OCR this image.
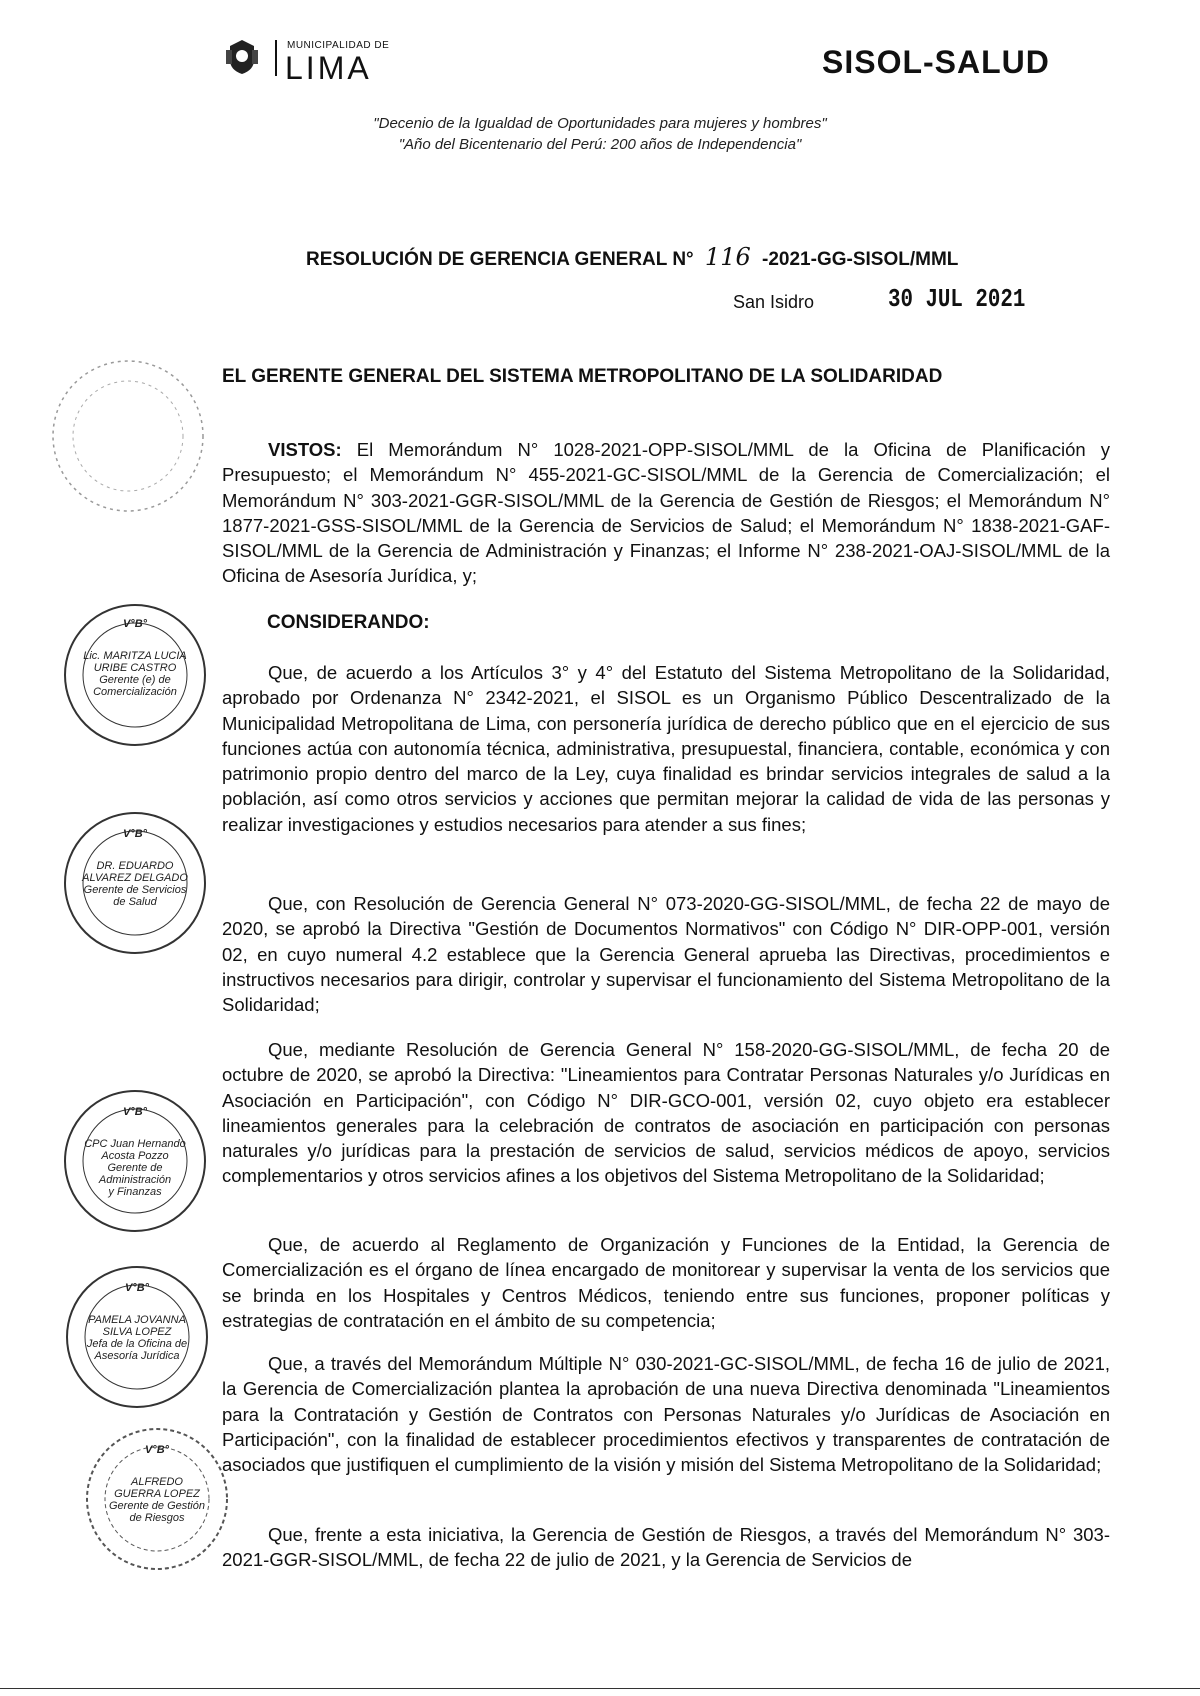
MUNICIPALIDAD DE
LIMA	SISOL-SALUD
"Decenio de la Igualdad de Oportunidades para mujeres y hombres"
"Año del Bicentenario del Perú: 200 años de Independencia"
RESOLUCIÓN DE GERENCIA GENERAL N° 116 -2021-GG-SISOL/MML
San Isidro	30 JUL 2021
EL GERENTE GENERAL DEL SISTEMA METROPOLITANO DE LA SOLIDARIDAD
VISTOS: El Memorándum N° 1028-2021-OPP-SISOL/MML de la Oficina de Planificación y Presupuesto; el Memorándum N° 455-2021-GC-SISOL/MML de la Gerencia de Comercialización; el Memorándum N° 303-2021-GGR-SISOL/MML de la Gerencia de Gestión de Riesgos; el Memorándum N° 1877-2021-GSS-SISOL/MML de la Gerencia de Servicios de Salud; el Memorándum N° 1838-2021-GAF-SISOL/MML de la Gerencia de Administración y Finanzas; el Informe N° 238-2021-OAJ-SISOL/MML de la Oficina de Asesoría Jurídica, y;
CONSIDERANDO:
Que, de acuerdo a los Artículos 3° y 4° del Estatuto del Sistema Metropolitano de la Solidaridad, aprobado por Ordenanza N° 2342-2021, el SISOL es un Organismo Público Descentralizado de la Municipalidad Metropolitana de Lima, con personería jurídica de derecho público que en el ejercicio de sus funciones actúa con autonomía técnica, administrativa, presupuestal, financiera, contable, económica y con patrimonio propio dentro del marco de la Ley, cuya finalidad es brindar servicios integrales de salud a la población, así como otros servicios y acciones que permitan mejorar la calidad de vida de las personas y realizar investigaciones y estudios necesarios para atender a sus fines;
Que, con Resolución de Gerencia General N° 073-2020-GG-SISOL/MML, de fecha 22 de mayo de 2020, se aprobó la Directiva "Gestión de Documentos Normativos" con Código N° DIR-OPP-001, versión 02, en cuyo numeral 4.2 establece que la Gerencia General aprueba las Directivas, procedimientos e instructivos necesarios para dirigir, controlar y supervisar el funcionamiento del Sistema Metropolitano de la Solidaridad;
Que, mediante Resolución de Gerencia General N° 158-2020-GG-SISOL/MML, de fecha 20 de octubre de 2020, se aprobó la Directiva: "Lineamientos para Contratar Personas Naturales y/o Jurídicas en Asociación en Participación", con Código N° DIR-GCO-001, versión 02, cuyo objeto era establecer lineamientos generales para la celebración de contratos de asociación en participación con personas naturales y/o jurídicas para la prestación de servicios de salud, servicios médicos de apoyo, servicios complementarios y otros servicios afines a los objetivos del Sistema Metropolitano de la Solidaridad;
Que, de acuerdo al Reglamento de Organización y Funciones de la Entidad, la Gerencia de Comercialización es el órgano de línea encargado de monitorear y supervisar la venta de los servicios que se brinda en los Hospitales y Centros Médicos, teniendo entre sus funciones, proponer políticas y estrategias de contratación en el ámbito de su competencia;
Que, a través del Memorándum Múltiple N° 030-2021-GC-SISOL/MML, de fecha 16 de julio de 2021, la Gerencia de Comercialización plantea la aprobación de una nueva Directiva denominada "Lineamientos para la Contratación y Gestión de Contratos con Personas Naturales y/o Jurídicas de Asociación en Participación", con la finalidad de establecer procedimientos efectivos y transparentes de contratación de asociados que justifiquen el cumplimiento de la visión y misión del Sistema Metropolitano de la Solidaridad;
Que, frente a esta iniciativa, la Gerencia de Gestión de Riesgos, a través del Memorándum N° 303-2021-GGR-SISOL/MML, de fecha 22 de julio de 2021, y la Gerencia de Servicios de
V°B°
Lic. MARITZA LUCIA
URIBE CASTRO
Gerente (e) de
Comercialización
V°B°
DR. EDUARDO
ALVAREZ DELGADO
Gerente de Servicios
de Salud
V°B°
CPC Juan Hernando
Acosta Pozzo
Gerente de Administración
y Finanzas
V°B°
PAMELA JOVANNA
SILVA LOPEZ
Jefa de la Oficina de
Asesoría Jurídica
V°B°
ALFREDO
GUERRA LOPEZ
Gerente de Gestión
de Riesgos
